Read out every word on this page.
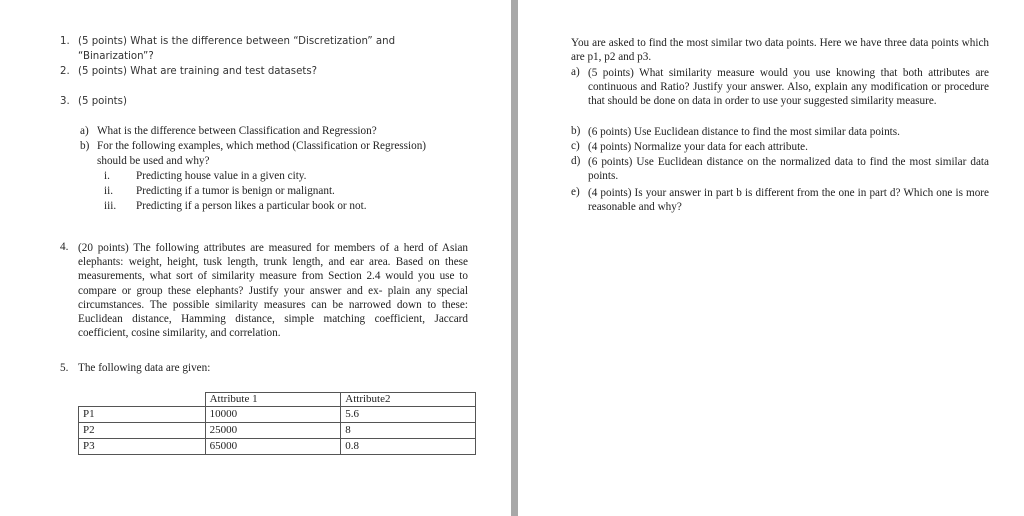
1. (5 points) What is the difference between “Discretization” and
“Binarization”?
2. (5 points) What are training and test datasets?
3. (5 points)
a) What is the difference between Classification and Regression?
b) For the following examples, which method (Classification or Regression)
should be used and why?
i. Predicting house value in a given city.
ii. Predicting if a tumor is benign or malignant.
iii. Predicting if a person likes a particular book or not.
4. (20 points) The following attributes are measured for members of a herd of Asian elephants: weight, height, tusk length, trunk length, and ear area. Based on these measurements, what sort of similarity measure from Section 2.4 would you use to compare or group these elephants? Justify your answer and ex- plain any special circumstances. The possible similarity measures can be narrowed down to these: Euclidean distance, Hamming distance, simple matching coefficient, Jaccard coefficient, cosine similarity, and correlation.
5. The following data are given:
	Attribute 1	Attribute2
P1	10000	5.6
P2	25000	8
P3	65000	0.8
You are asked to find the most similar two data points. Here we have three data points which are p1, p2 and p3.
a) (5 points) What similarity measure would you use knowing that both attributes are continuous and Ratio? Justify your answer. Also, explain any modification or procedure that should be done on data in order to use your suggested similarity measure.
b) (6 points) Use Euclidean distance to find the most similar data points.
c) (4 points) Normalize your data for each attribute.
d) (6 points) Use Euclidean distance on the normalized data to find the most similar data points.
e) (4 points) Is your answer in part b is different from the one in part d? Which one is more reasonable and why?
